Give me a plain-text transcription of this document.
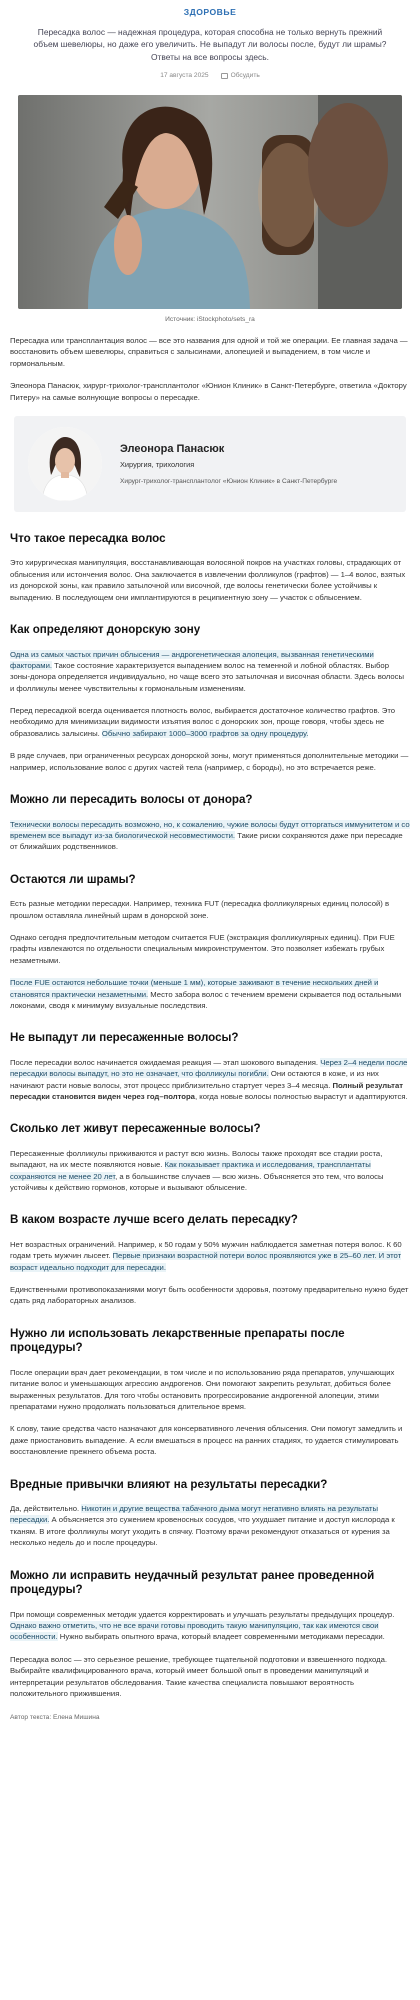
ЗДОРОВЬЕ
Пересадка волос — надежная процедура, которая способна не только вернуть прежний объем шевелюры, но даже его увеличить. Не выпадут ли волосы после, будут ли шрамы? Ответы на все вопросы здесь.
17 августа 2025	Обсудить
Источник: iStockphoto/sets_ra

Пересадка или трансплантация волос — все это названия для одной и той же операции. Ее главная задача — восстановить объем шевелюры, справиться с залысинами, алопецией и выпадением, в том числе и гормональным.

Элеонора Панасюк, хирург-трихолог-трансплантолог «Юнион Клиник» в Санкт-Петербурге, ответила «Доктору Питеру» на самые волнующие вопросы о пересадке.

Элеонора Панасюк
Хирургия, трихология
Хирург-трихолог-трансплантолог «Юнион Клиник» в Санкт-Петербурге
Что такое пересадка волос

Это хирургическая манипуляция, восстанавливающая волосяной покров на участках головы, страдающих от облысения или истончения волос. Она заключается в извлечении фолликулов (графтов) — 1–4 волос, взятых из донорской зоны, как правило затылочной или височной, где волосы генетически более устойчивы к выпадению. В последующем они имплантируются в реципиентную зону — участок с облысением.

Как определяют донорскую зону

Одна из самых частых причин облысения — андрогенетическая алопеция, вызванная генетическими факторами. Такое состояние характеризуется выпадением волос на теменной и лобной областях. Выбор зоны-донора определяется индивидуально, но чаще всего это затылочная и височная области. Здесь волосы и фолликулы менее чувствительны к гормональным изменениям.

Перед пересадкой всегда оценивается плотность волос, выбирается достаточное количество графтов. Это необходимо для минимизации видимости изъятия волос с донорских зон, проще говоря, чтобы здесь не образовались залысины. Обычно забирают 1000–3000 графтов за одну процедуру.

В ряде случаев, при ограниченных ресурсах донорской зоны, могут применяться дополнительные методики — например, использование волос с других частей тела (например, с бороды), но это встречается реже.

Можно ли пересадить волосы от донора?

Технически волосы пересадить возможно, но, к сожалению, чужие волосы будут отторгаться иммунитетом и со временем все выпадут из-за биологической несовместимости. Такие риски сохраняются даже при пересадке от ближайших родственников.

Остаются ли шрамы?

Есть разные методики пересадки. Например, техника FUT (пересадка фолликулярных единиц полосой) в прошлом оставляла линейный шрам в донорской зоне.

Однако сегодня предпочтительным методом считается FUE (экстракция фолликулярных единиц). При FUE графты извлекаются по отдельности специальным микроинструментом. Это позволяет избежать грубых незаметными.

После FUE остаются небольшие точки (меньше 1 мм), которые заживают в течение нескольких дней и становятся практически незаметными. Место забора волос с течением времени скрывается под остальными локонами, сводя к минимуму визуальные последствия.

Не выпадут ли пересаженные волосы?

После пересадки волос начинается ожидаемая реакция — этап шокового выпадения. Через 2–4 недели после пересадки волосы выпадут, но это не означает, что фолликулы погибли. Они остаются в коже, и из них начинают расти новые волосы, этот процесс приблизительно стартует через 3–4 месяца. Полный результат пересадки становится виден через год–полтора, когда новые волосы полностью вырастут и адаптируются.

Сколько лет живут пересаженные волосы?

Пересаженные фолликулы приживаются и растут всю жизнь. Волосы также проходят все стадии роста, выпадают, на их месте появляются новые. Как показывает практика и исследования, трансплантаты сохраняются не менее 20 лет, а в большинстве случаев — всю жизнь. Объясняется это тем, что волосы устойчивы к действию гормонов, которые и вызывают облысение.

В каком возрасте лучше всего делать пересадку?

Нет возрастных ограничений. Например, к 50 годам у 50% мужчин наблюдается заметная потеря волос. К 60 годам треть мужчин лысеет. Первые признаки возрастной потери волос проявляются уже в 25–60 лет. И этот возраст идеально подходит для пересадки.

Единственными противопоказаниями могут быть особенности здоровья, поэтому предварительно нужно будет сдать ряд лабораторных анализов.

Нужно ли использовать лекарственные препараты после процедуры?

После операции врач дает рекомендации, в том числе и по использованию ряда препаратов, улучшающих питание волос и уменьшающих агрессию андрогенов. Они помогают закрепить результат, добиться более выраженных результатов. Для того чтобы остановить прогрессирование андрогенной алопеции, этими препаратами нужно продолжать пользоваться длительное время.

К слову, такие средства часто назначают для консервативного лечения облысения. Они помогут замедлить и даже приостановить выпадение. А если вмешаться в процесс на ранних стадиях, то удается стимулировать восстановление прежнего объема роста.

Вредные привычки влияют на результаты пересадки?

Да, действительно. Никотин и другие вещества табачного дыма могут негативно влиять на результаты пересадки. А объясняется это сужением кровеносных сосудов, что ухудшает питание и доступ кислорода к тканям. В итоге фолликулы могут уходить в спячку. Поэтому врачи рекомендуют отказаться от курения за несколько недель до и после процедуры.

Можно ли исправить неудачный результат ранее проведенной процедуры?

При помощи современных методик удается корректировать и улучшать результаты предыдущих процедур. Однако важно отметить, что не все врачи готовы проводить такую манипуляцию, так как имеются свои особенности. Нужно выбирать опытного врача, который владеет современными методиками пересадки.

Пересадка волос — это серьезное решение, требующее тщательной подготовки и взвешенного подхода. Выбирайте квалифицированного врача, который имеет большой опыт в проведении манипуляций и интерпретации результатов обследования. Такие качества специалиста повышают вероятность положительного прижившения.

Автор текста: Елена Мишина
